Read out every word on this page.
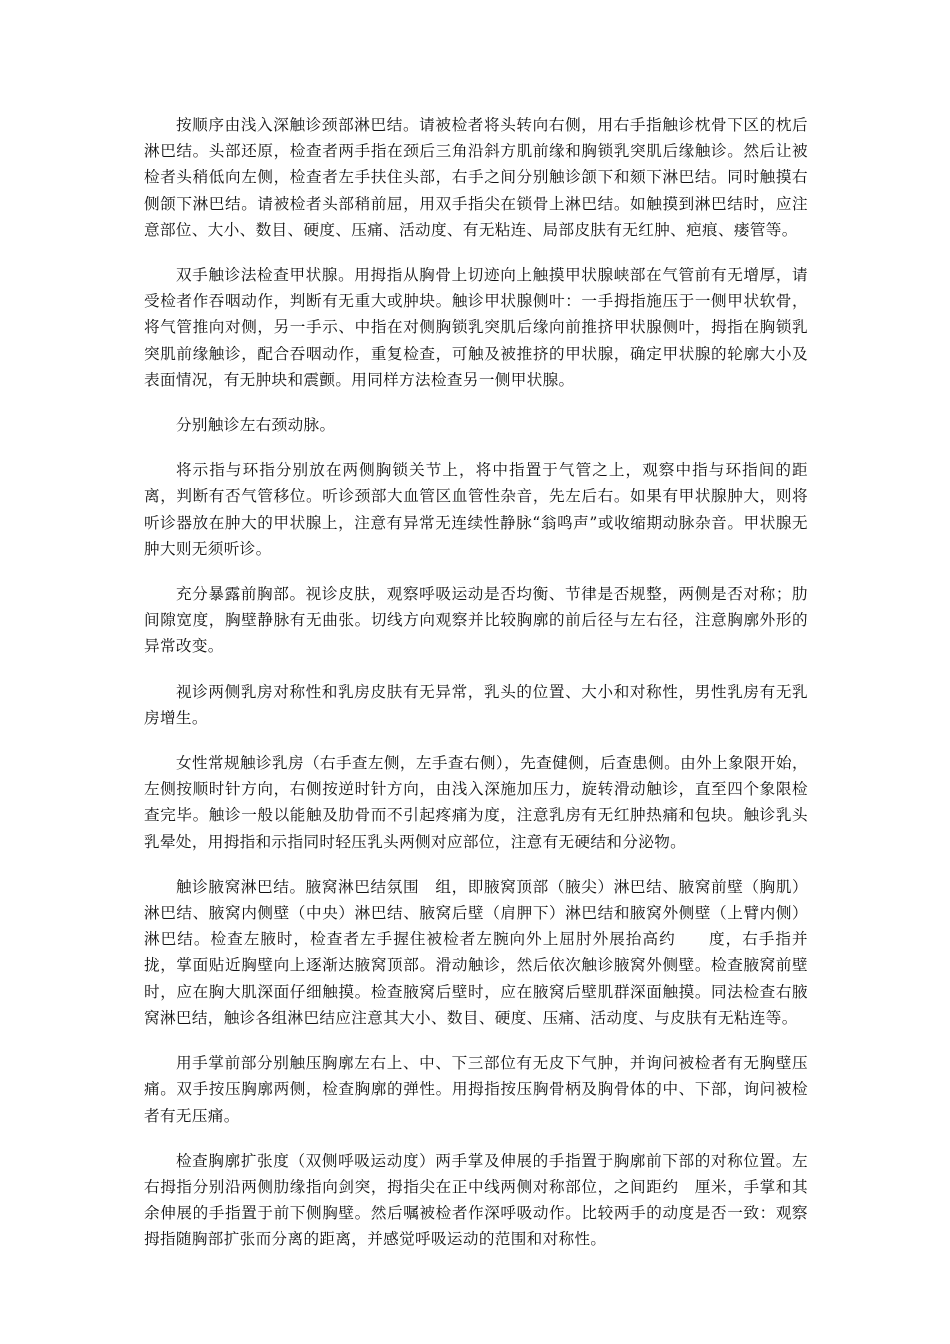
按顺序由浅入深触诊颈部淋巴结。请被检者将头转向右侧，用右手指触诊枕骨下区的枕后淋巴结。头部还原，检查者两手指在颈后三角沿斜方肌前缘和胸锁乳突肌后缘触诊。然后让被检者头稍低向左侧，检查者左手扶住头部，右手之间分别触诊颌下和颏下淋巴结。同时触摸右侧颌下淋巴结。请被检者头部稍前屈，用双手指尖在锁骨上淋巴结。如触摸到淋巴结时，应注意部位、大小、数目、硬度、压痛、活动度、有无粘连、局部皮肤有无红肿、疤痕、瘘管等。

双手触诊法检查甲状腺。用拇指从胸骨上切迹向上触摸甲状腺峡部在气管前有无增厚，请受检者作吞咽动作，判断有无重大或肿块。触诊甲状腺侧叶：一手拇指施压于一侧甲状软骨，将气管推向对侧，另一手示、中指在对侧胸锁乳突肌后缘向前推挤甲状腺侧叶，拇指在胸锁乳突肌前缘触诊，配合吞咽动作，重复检查，可触及被推挤的甲状腺，确定甲状腺的轮廓大小及表面情况，有无肿块和震颤。用同样方法检查另一侧甲状腺。

分别触诊左右颈动脉。

将示指与环指分别放在两侧胸锁关节上，将中指置于气管之上，观察中指与环指间的距离，判断有否气管移位。听诊颈部大血管区血管性杂音，先左后右。如果有甲状腺肿大，则将听诊器放在肿大的甲状腺上，注意有异常无连续性静脉“翁鸣声”或收缩期动脉杂音。甲状腺无肿大则无须听诊。

充分暴露前胸部。视诊皮肤，观察呼吸运动是否均衡、节律是否规整，两侧是否对称；肋间隙宽度，胸壁静脉有无曲张。切线方向观察并比较胸廓的前后径与左右径，注意胸廓外形的异常改变。

视诊两侧乳房对称性和乳房皮肤有无异常，乳头的位置、大小和对称性，男性乳房有无乳房增生。

女性常规触诊乳房（右手查左侧，左手查右侧），先查健侧，后查患侧。由外上象限开始，左侧按顺时针方向，右侧按逆时针方向，由浅入深施加压力，旋转滑动触诊，直至四个象限检查完毕。触诊一般以能触及肋骨而不引起疼痛为度，注意乳房有无红肿热痛和包块。触诊乳头乳晕处，用拇指和示指同时轻压乳头两侧对应部位，注意有无硬结和分泌物。

触诊腋窝淋巴结。腋窝淋巴结氛围　组，即腋窝顶部（腋尖）淋巴结、腋窝前壁（胸肌）淋巴结、腋窝内侧壁（中央）淋巴结、腋窝后壁（肩胛下）淋巴结和腋窝外侧壁（上臂内侧）淋巴结。检查左腋时，检查者左手握住被检者左腕向外上屈肘外展抬高约　　度，右手指并拢，掌面贴近胸壁向上逐渐达腋窝顶部。滑动触诊，然后依次触诊腋窝外侧壁。检查腋窝前壁时，应在胸大肌深面仔细触摸。检查腋窝后壁时，应在腋窝后壁肌群深面触摸。同法检查右腋窝淋巴结，触诊各组淋巴结应注意其大小、数目、硬度、压痛、活动度、与皮肤有无粘连等。

用手掌前部分别触压胸廓左右上、中、下三部位有无皮下气肿，并询问被检者有无胸壁压痛。双手按压胸廓两侧，检查胸廓的弹性。用拇指按压胸骨柄及胸骨体的中、下部，询问被检者有无压痛。

检查胸廓扩张度（双侧呼吸运动度）两手掌及伸展的手指置于胸廓前下部的对称位置。左右拇指分别沿两侧肋缘指向剑突，拇指尖在正中线两侧对称部位，之间距约　厘米，手掌和其余伸展的手指置于前下侧胸壁。然后嘱被检者作深呼吸动作。比较两手的动度是否一致：观察拇指随胸部扩张而分离的距离，并感觉呼吸运动的范围和对称性。
